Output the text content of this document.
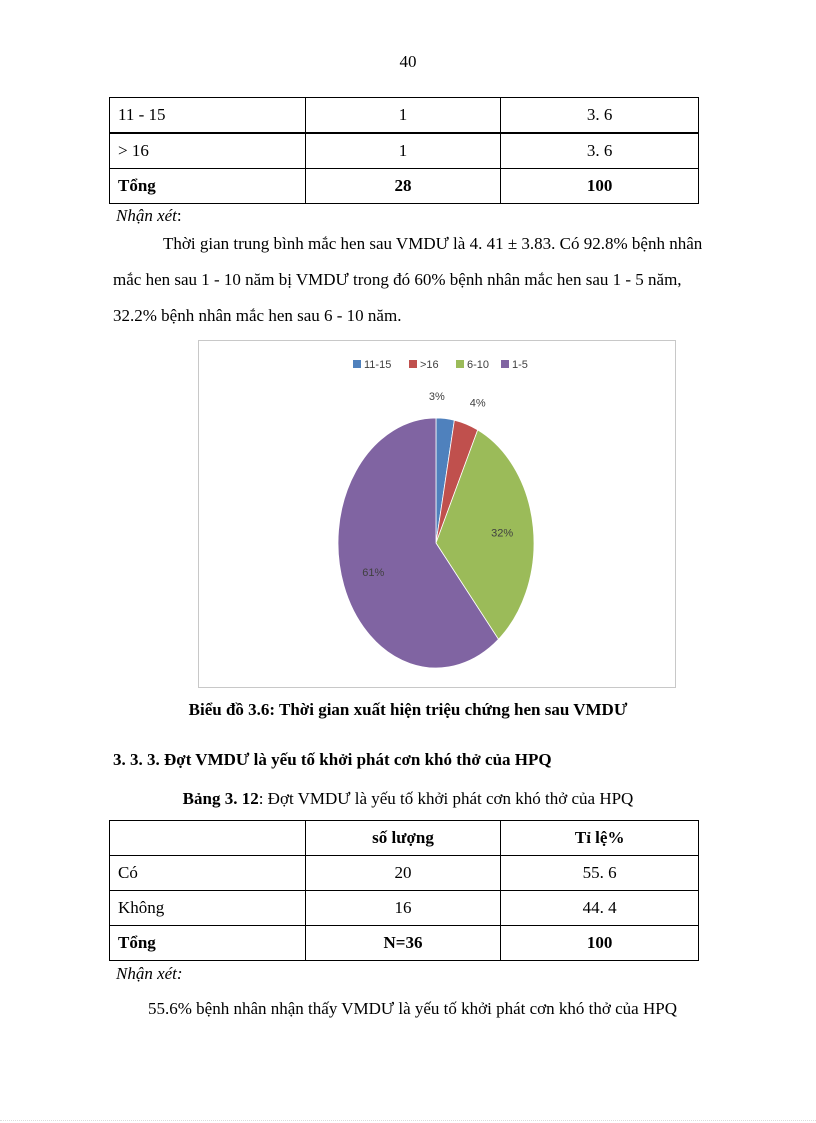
40
11 - 15	1	3. 6
> 16	1	3. 6
Tổng	28	100
Nhận xét:
Thời gian trung bình mắc hen sau VMDƯ là 4. 41 ± 3.83. Có 92.8% bệnh nhân
mắc hen sau 1 - 10 năm bị VMDƯ trong đó 60% bệnh nhân mắc hen sau 1 - 5 năm,
32.2% bệnh nhân mắc hen sau 6 - 10 năm.
11-15	>16	6-10 1-5
3%
4%
32%
61%
Biểu đồ 3.6: Thời gian xuất hiện triệu chứng hen sau VMDƯ
3. 3. 3. Đợt VMDƯ là yếu tố khởi phát cơn khó thở của HPQ
Bảng 3. 12: Đợt VMDƯ là yếu tố khởi phát cơn khó thở của HPQ
	số lượng	Tỉ lệ%
Có	20	55. 6
Không	16	44. 4
Tổng	N=36	100
Nhận xét:
55.6% bệnh nhân nhận thấy VMDƯ là yếu tố khởi phát cơn khó thở của HPQ
